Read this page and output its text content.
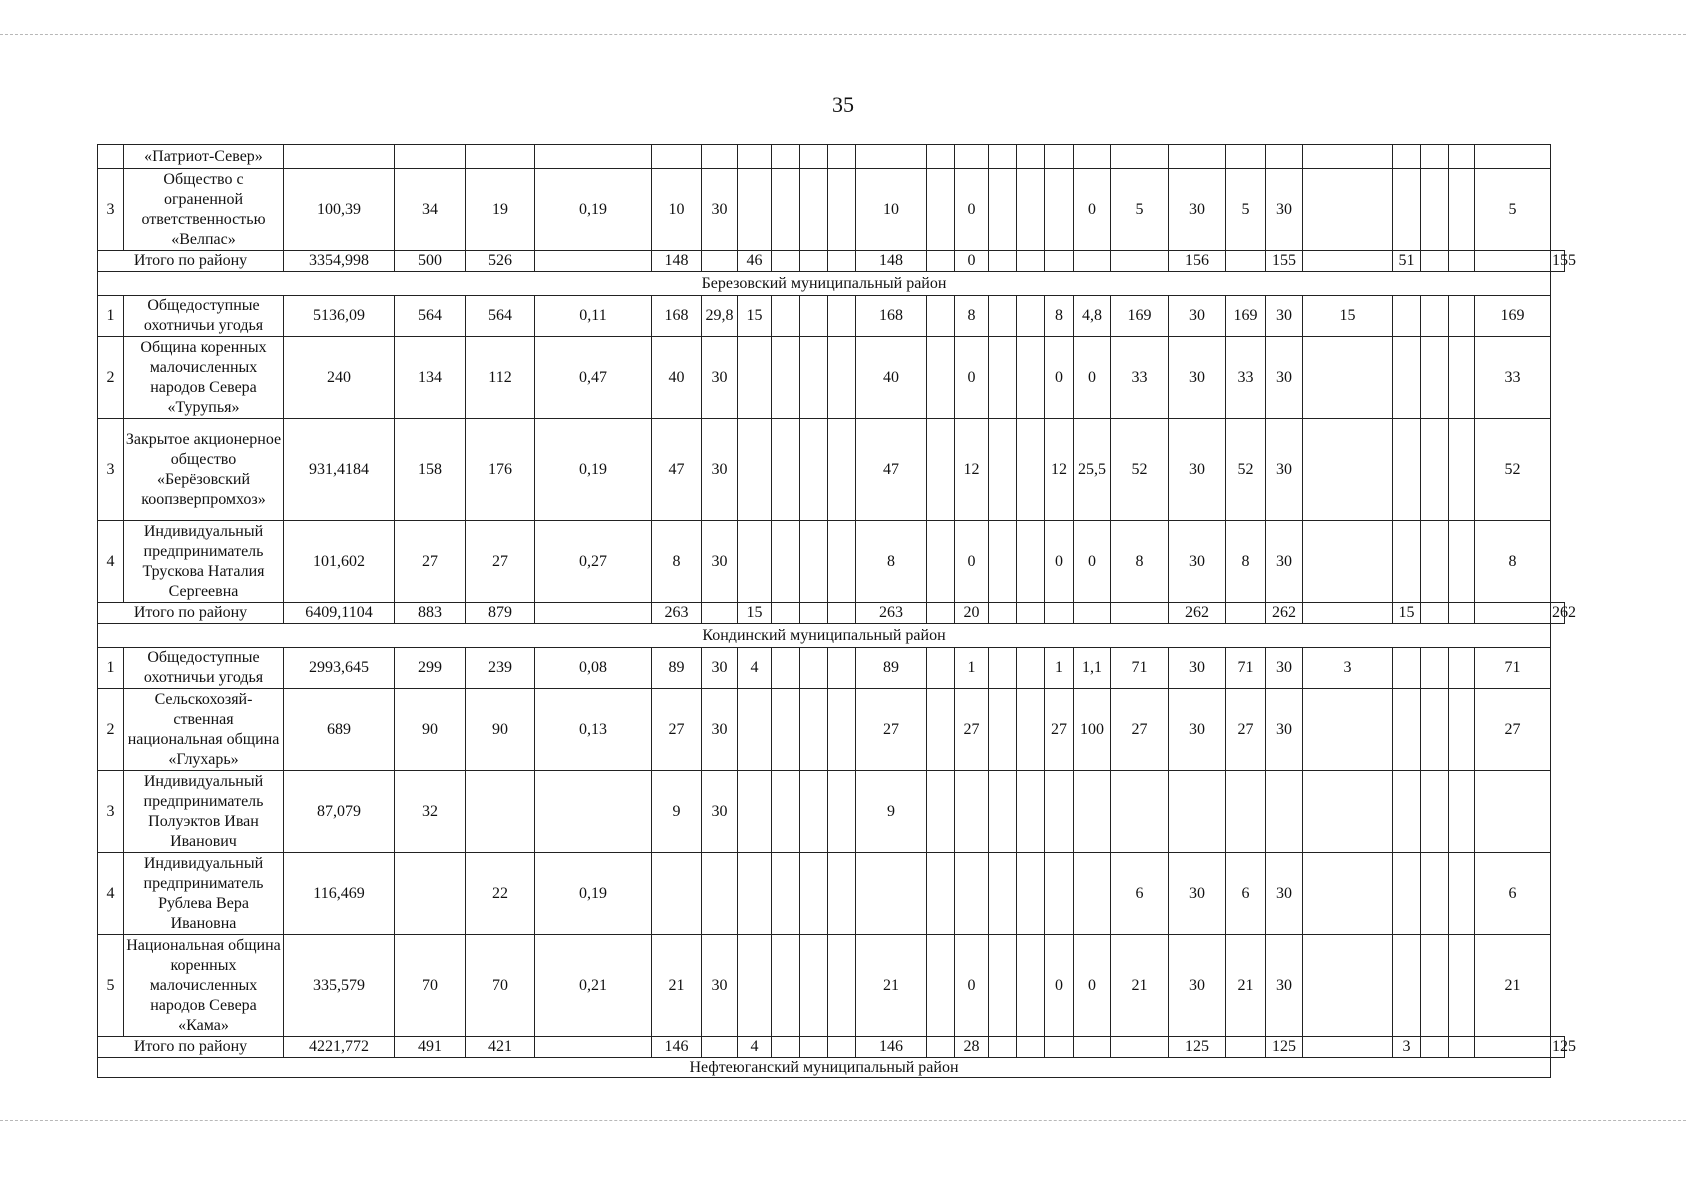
35
	«Патриот-Север»																											
3	Общество с ограненной ответственностью «Велпас»	100,39	34	19	0,19	10	30					10		0				0	5	30	5	30					5	
Итого по району		3354,998	500	526		148		46				148		0						156		155		51				155
Березовский муниципальный район																												
1	Общедоступные охотничьи угодья	5136,09	564	564	0,11	168	29,8	15				168		8			8	4,8	169	30	169	30	15				169	
2	Община коренных малочисленных народов Севера «Турупья»	240	134	112	0,47	40	30					40		0			0	0	33	30	33	30					33	
3	Закрытое акционерное общество «Берёзовский коопзверпромхоз»	931,4184	158	176	0,19	47	30					47		12			12	25,5	52	30	52	30					52	
4	Индивидуальный предприниматель Трускова Наталия Сергеевна	101,602	27	27	0,27	8	30					8		0			0	0	8	30	8	30					8	
Итого по району		6409,1104	883	879		263		15				263		20						262		262		15				262
Кондинский муниципальный район																												
1	Общедоступные охотничьи угодья	2993,645	299	239	0,08	89	30	4				89		1			1	1,1	71	30	71	30	3				71	
2	Сельскохозяй-ственная национальная община «Глухарь»	689	90	90	0,13	27	30					27		27			27	100	27	30	27	30					27	
3	Индивидуальный предприниматель Полуэктов Иван Иванович	87,079	32			9	30					9																
4	Индивидуальный предприниматель Рублева Вера Ивановна	116,469		22	0,19														6	30	6	30					6	
5	Национальная община коренных малочисленных народов Севера «Кама»	335,579	70	70	0,21	21	30					21		0			0	0	21	30	21	30					21	
Итого по району		4221,772	491	421		146		4				146		28						125		125		3				125
Нефтеюганский муниципальный район																												
